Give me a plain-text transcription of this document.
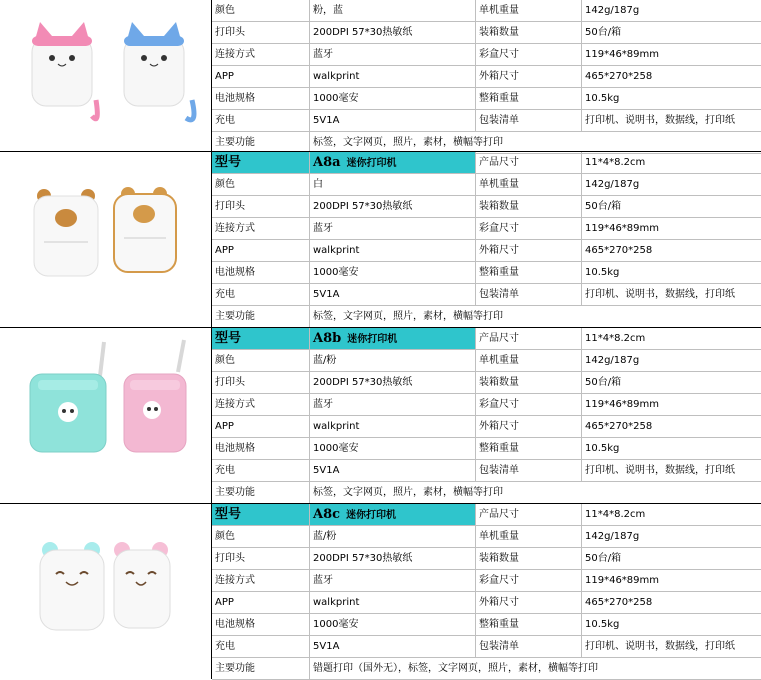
颜色	粉，蓝	单机重量	142g/187g
打印头	200DPI 57*30热敏纸	装箱数量	50台/箱
连接方式	蓝牙	彩盒尺寸	119*46*89mm
APP	walkprint	外箱尺寸	465*270*258
电池规格	1000毫安	整箱重量	10.5kg
充电	5V1A	包装清单	打印机、说明书，数据线，打印纸
主要功能	标签，文字网页，照片，素材，横幅等打印
型号	A8a 迷你打印机	产品尺寸	11*4*8.2cm
颜色	白	单机重量	142g/187g
打印头	200DPI 57*30热敏纸	装箱数量	50台/箱
连接方式	蓝牙	彩盒尺寸	119*46*89mm
APP	walkprint	外箱尺寸	465*270*258
电池规格	1000毫安	整箱重量	10.5kg
充电	5V1A	包装清单	打印机、说明书，数据线，打印纸
主要功能	标签，文字网页，照片，素材，横幅等打印
型号	A8b 迷你打印机	产品尺寸	11*4*8.2cm
颜色	蓝/粉	单机重量	142g/187g
打印头	200DPI 57*30热敏纸	装箱数量	50台/箱
连接方式	蓝牙	彩盒尺寸	119*46*89mm
APP	walkprint	外箱尺寸	465*270*258
电池规格	1000毫安	整箱重量	10.5kg
充电	5V1A	包装清单	打印机、说明书，数据线，打印纸
主要功能	标签，文字网页，照片，素材，横幅等打印
型号	A8c 迷你打印机	产品尺寸	11*4*8.2cm
颜色	蓝/粉	单机重量	142g/187g
打印头	200DPI 57*30热敏纸	装箱数量	50台/箱
连接方式	蓝牙	彩盒尺寸	119*46*89mm
APP	walkprint	外箱尺寸	465*270*258
电池规格	1000毫安	整箱重量	10.5kg
充电	5V1A	包装清单	打印机、说明书，数据线，打印纸
主要功能	错题打印（国外无），标签，文字网页，照片，素材，横幅等打印
